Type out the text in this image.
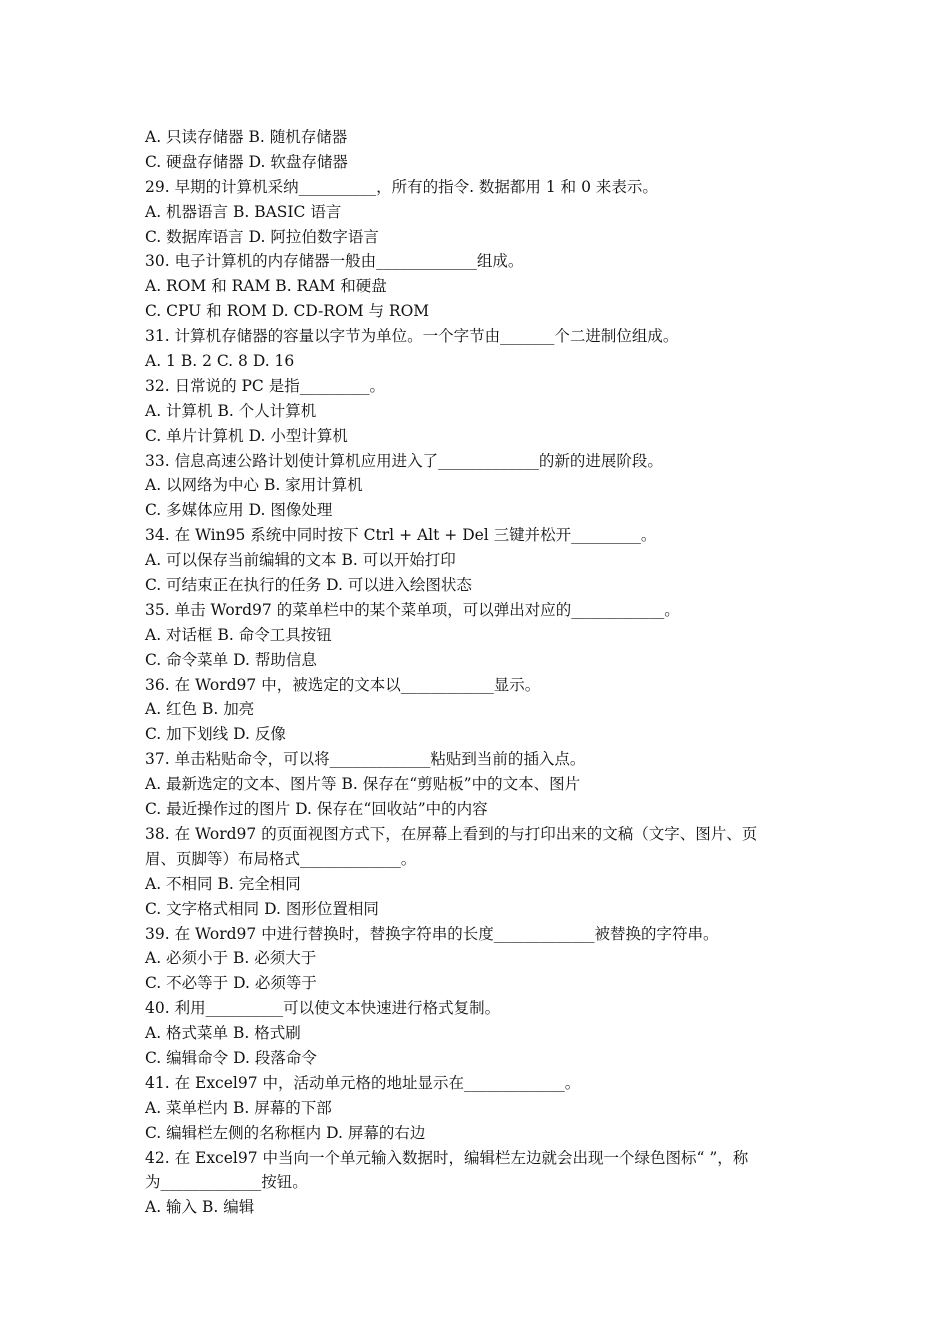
A. 只读存储器 B. 随机存储器
C. 硬盘存储器 D. 软盘存储器
29. 早期的计算机采纳__________，所有的指令. 数据都用 1 和 0 来表示。
A. 机器语言 B. BASIC 语言
C. 数据库语言 D. 阿拉伯数字语言
30. 电子计算机的内存储器一般由_____________组成。
A. ROM 和 RAM B. RAM 和硬盘
C. CPU 和 ROM D. CD-ROM 与 ROM
31. 计算机存储器的容量以字节为单位。一个字节由_______个二进制位组成。
A. 1 B. 2 C. 8 D. 16
32. 日常说的 PC 是指_________。
A. 计算机 B. 个人计算机
C. 单片计算机 D. 小型计算机
33. 信息高速公路计划使计算机应用进入了_____________的新的进展阶段。
A. 以网络为中心 B. 家用计算机
C. 多媒体应用 D. 图像处理
34. 在 Win95 系统中同时按下 Ctrl + Alt + Del 三键并松开_________。
A. 可以保存当前编辑的文本 B. 可以开始打印
C. 可结束正在执行的任务 D. 可以进入绘图状态
35. 单击 Word97 的菜单栏中的某个菜单项，可以弹出对应的____________。
A. 对话框 B. 命令工具按钮
C. 命令菜单 D. 帮助信息
36. 在 Word97 中，被选定的文本以____________显示。
A. 红色 B. 加亮
C. 加下划线 D. 反像
37. 单击粘贴命令，可以将_____________粘贴到当前的插入点。
A. 最新选定的文本、图片等 B. 保存在“剪贴板”中的文本、图片
C. 最近操作过的图片 D. 保存在“回收站”中的内容
38. 在 Word97 的页面视图方式下，在屏幕上看到的与打印出来的文稿（文字、图片、页
眉、页脚等）布局格式_____________。
A. 不相同 B. 完全相同
C. 文字格式相同 D. 图形位置相同
39. 在 Word97 中进行替换时，替换字符串的长度_____________被替换的字符串。
A. 必须小于 B. 必须大于
C. 不必等于 D. 必须等于
40. 利用__________可以使文本快速进行格式复制。
A. 格式菜单 B. 格式刷
C. 编辑命令 D. 段落命令
41. 在 Excel97 中，活动单元格的地址显示在_____________。
A. 菜单栏内 B. 屏幕的下部
C. 编辑栏左侧的名称框内 D. 屏幕的右边
42. 在 Excel97 中当向一个单元输入数据时，编辑栏左边就会出现一个绿色图标“ ”，称
为_____________按钮。
A. 输入 B. 编辑
